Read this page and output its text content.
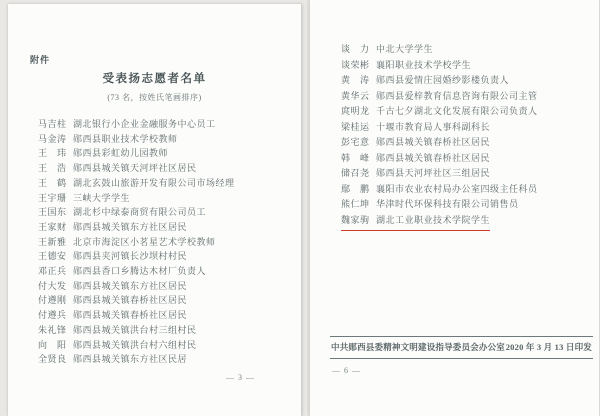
附件
受表扬志愿者名单
(73 名，按姓氏笔画排序)
马吉柱 湖北银行小企业金融服务中心员工
马金涛 郧西县职业技术学校教师
王　玮 郧西县彩虹幼儿园教师
王　浩 郧西县城关镇天河坪社区居民
王　鹤 湖北玄鼓山旅游开发有限公司市场经理
王宇珊 三峡大学学生
王国东 湖北杉中绿泰商贸有限公司员工
王家财 郧西县城关镇东方社区居民
王新雅 北京市海淀区小茗星艺术学校教师
王德安 郧西县夹河镇长沙坝村村民
邓正兵 郧西县香口乡腾达木材厂负责人
付大发 郧西县城关镇东方社区居民
付遵刚 郧西县城关镇春桥社区居民
付遵兵 郧西县城关镇春桥社区居民
朱礼锋 郧西县城关镇洪台村三组村民
向　阳 郧西县城关镇洪台村六组村民
全贤良 郧西县城关镇东方社区民居
— 3 —
谈　力 中北大学学生
谈荣彬 襄阳职业技术学校学生
黄　涛 郧西县爱情庄园婚纱影楼负责人
黄华云 郧西县爱梓教育信息咨询有限公司主管
庹明龙 千古七夕湖北文化发展有限公司负责人
梁桂运 十堰市教育局人事科副科长
彭宅意 郧西县城关镇春桥社区居民
韩　峰 郧西县城关镇春桥社区居民
储召尧 郧西县天河坪社区三组居民
鄢　鹏 襄阳市农业农村局办公室四级主任科员
熊仁坤 华津时代环保科技有限公司销售员
魏家驹 湖北工业职业技术学院学生
中共郧西县委精神文明建设指导委员会办公室 2020 年 3 月 13 日印发
— 6 —
